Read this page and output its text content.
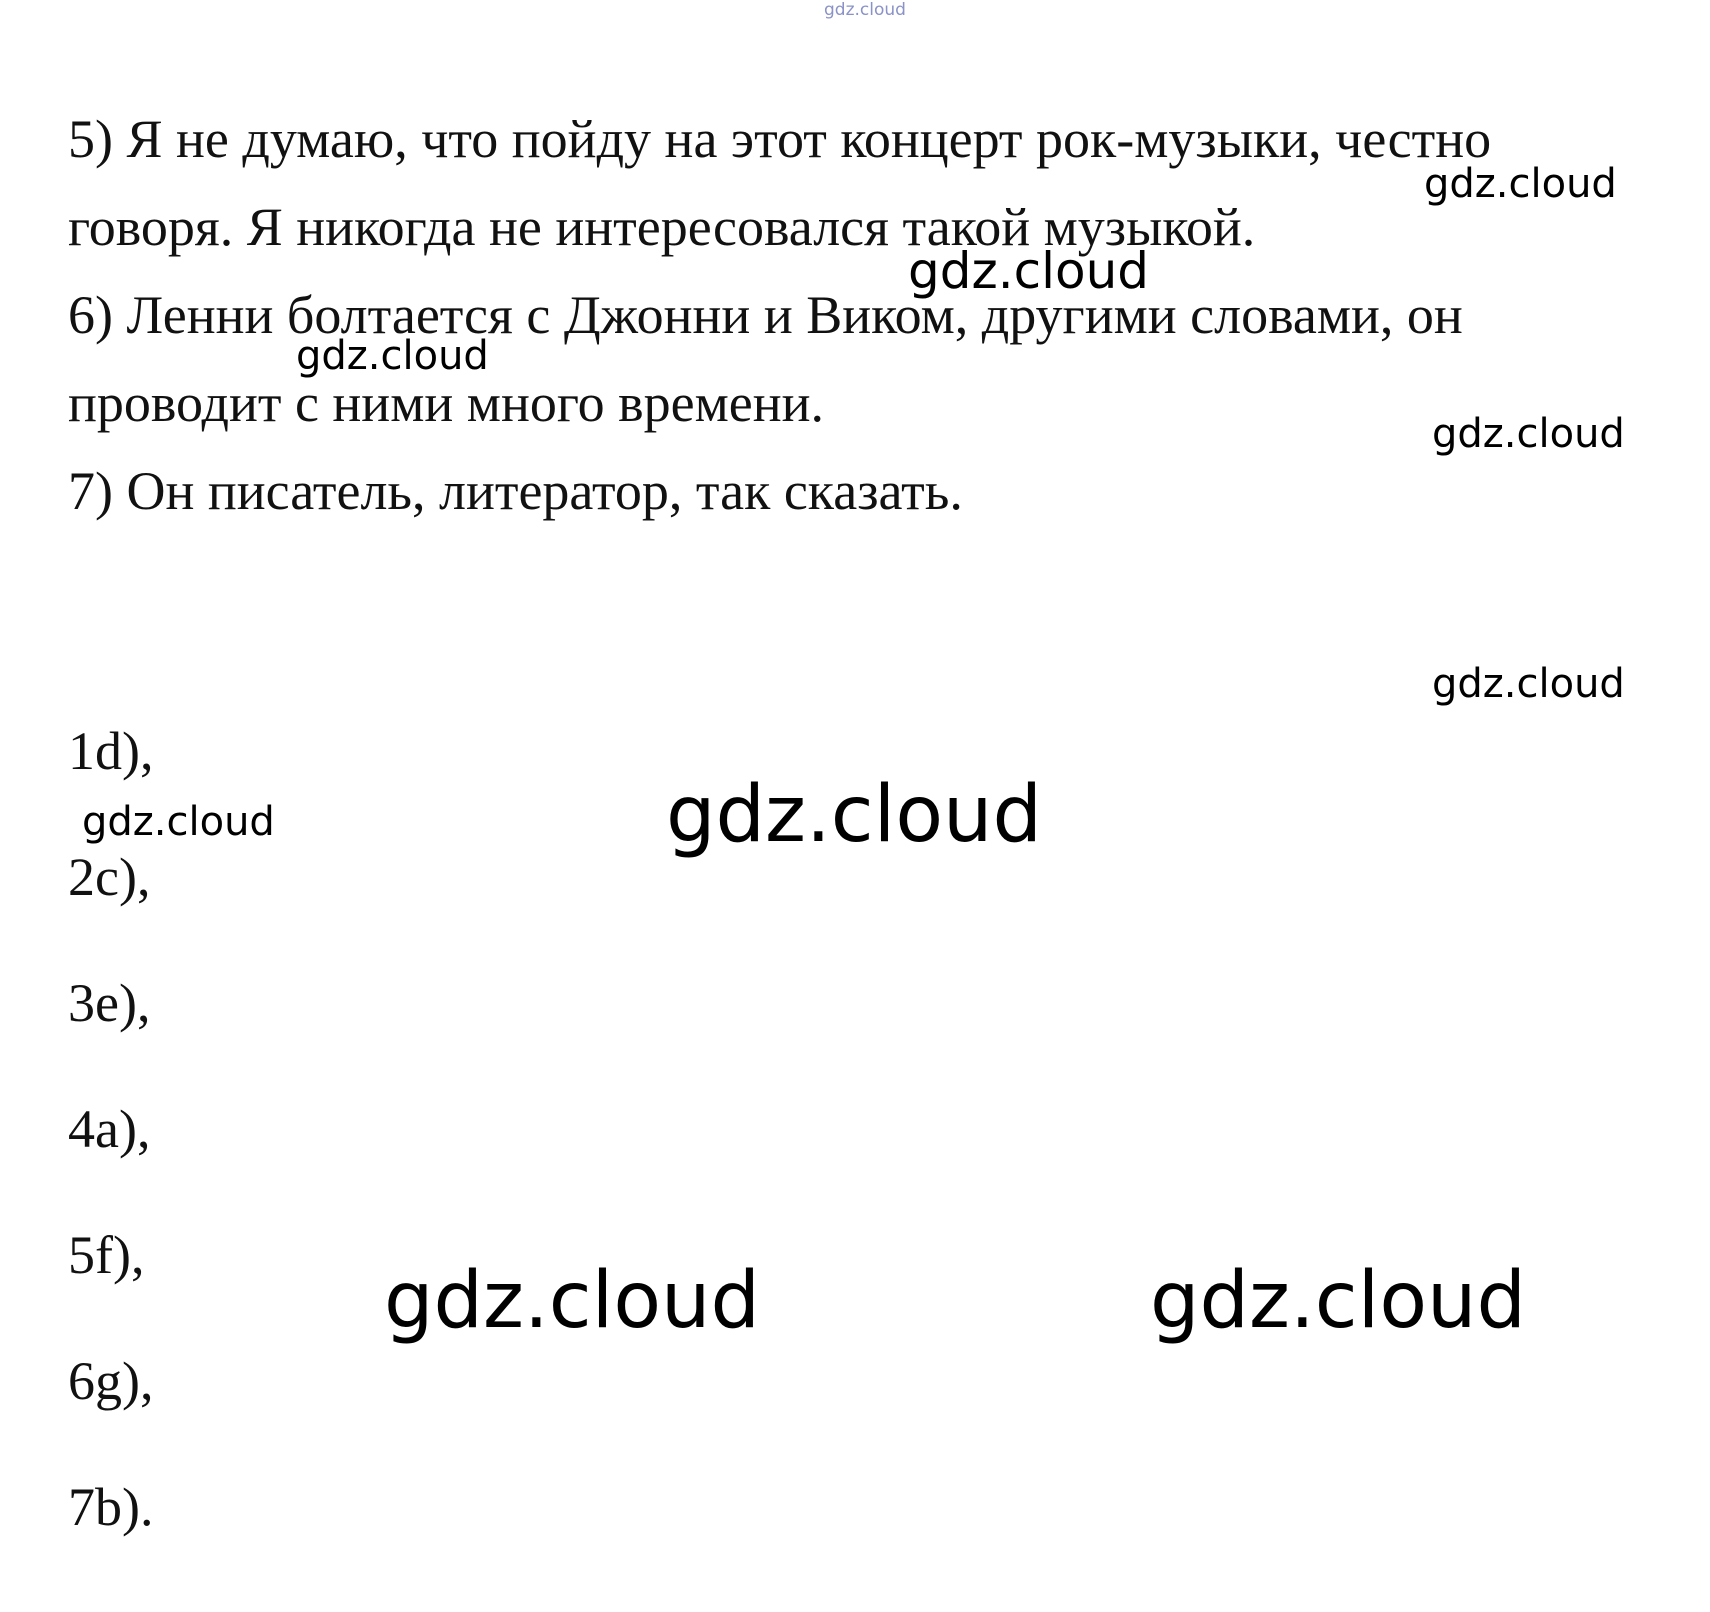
gdz.cloud
5) Я не думаю, что пойду на этот концерт рок-музыки, честно
говоря. Я никогда не интересовался такой музыкой.
6) Ленни болтается с Джонни и Виком, другими словами, он
проводит с ними много времени.
7) Он писатель, литератор, так сказать.
1d),
2c),
3e),
4a),
5f),
6g),
7b).
gdz.cloud
gdz.cloud
gdz.cloud
gdz.cloud
gdz.cloud
gdz.cloud	gdz.cloud
gdz.cloud	gdz.cloud
